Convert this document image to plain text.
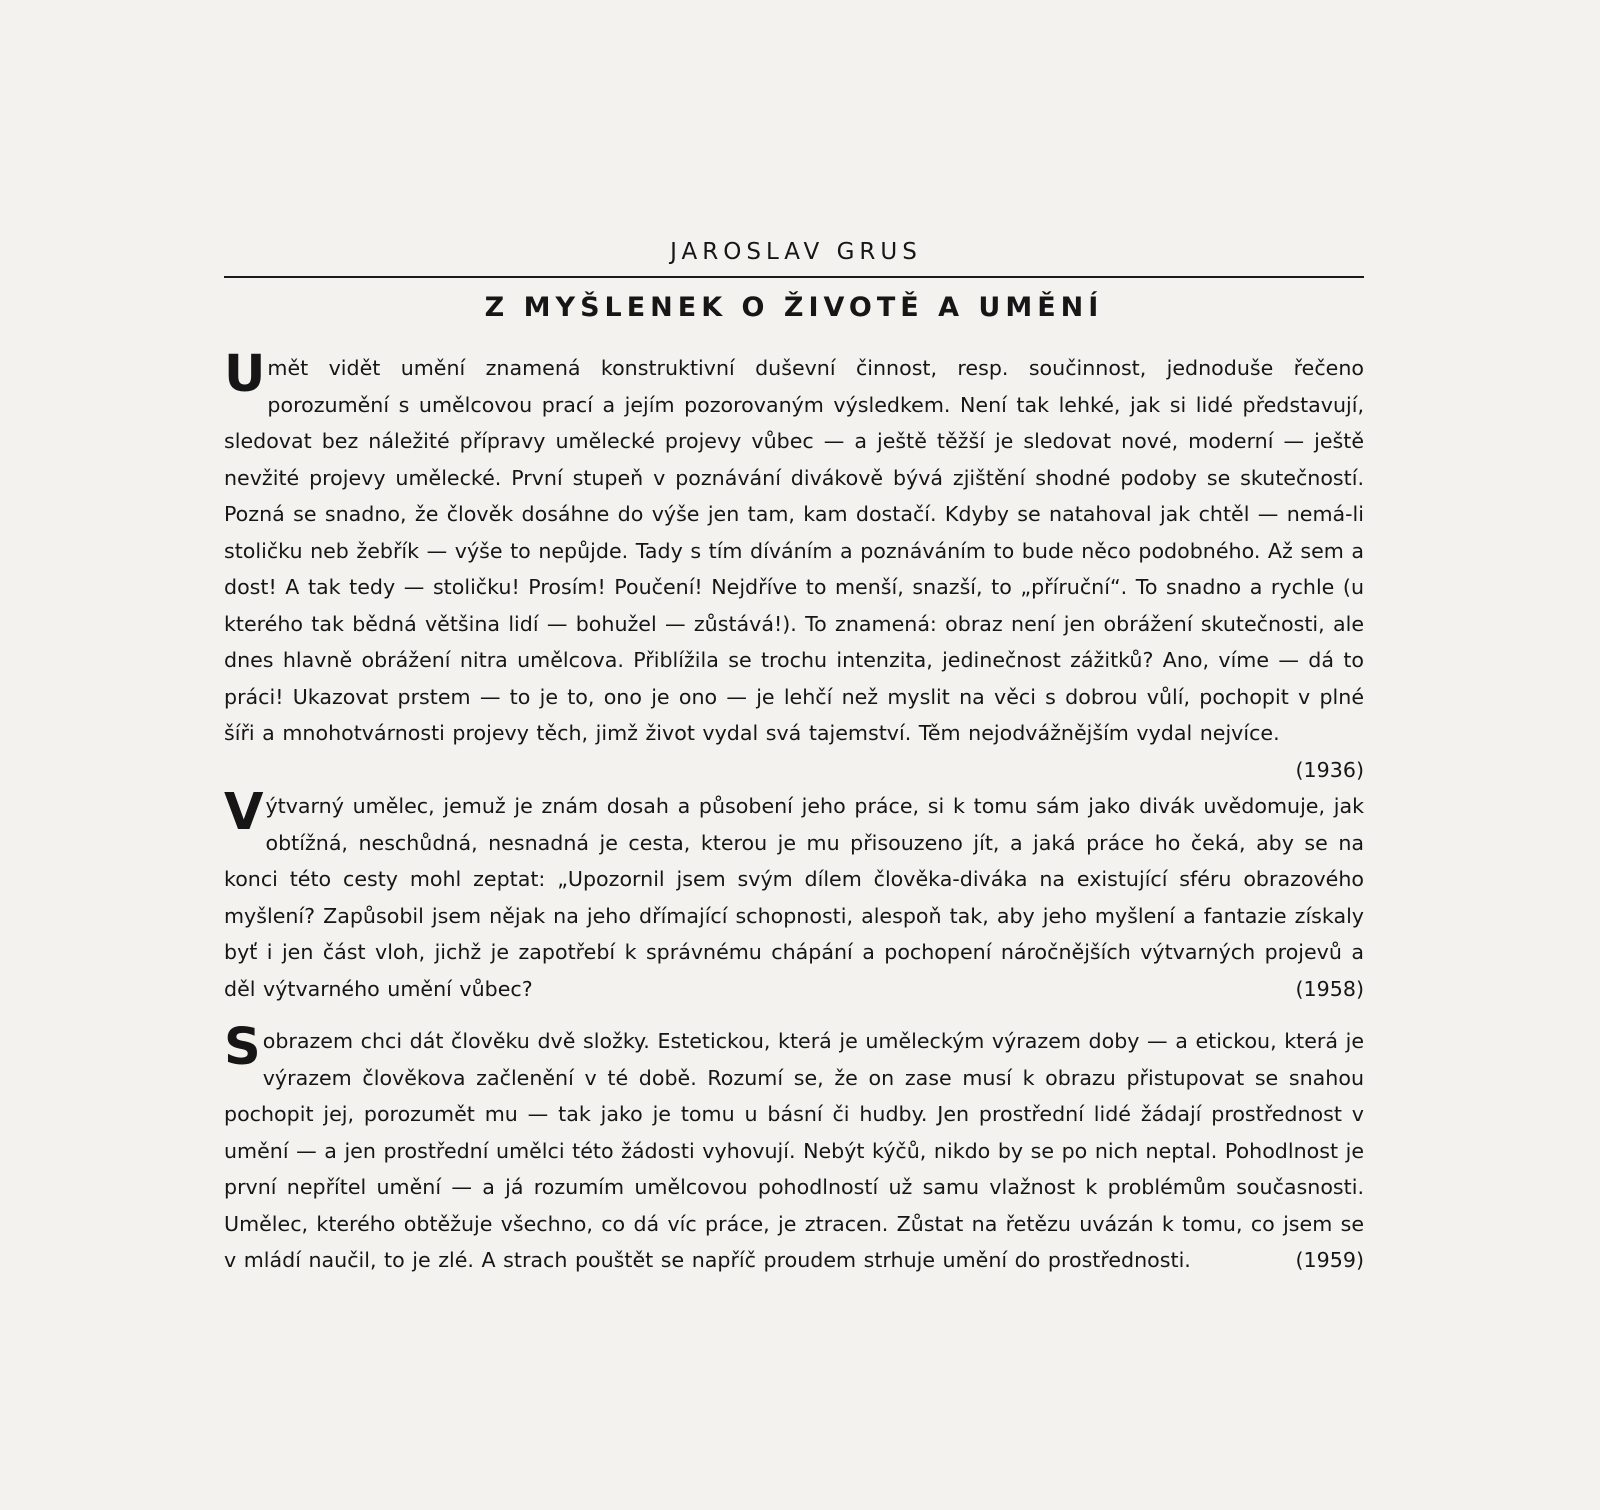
JAROSLAV GRUS
Z MYŠLENEK O ŽIVOTĚ A UMĚNÍ

Umět vidět umění znamená konstruktivní duševní činnost, resp. součinnost, jednoduše řečeno porozumění s umělcovou prací a jejím pozorovaným výsledkem. Není tak lehké, jak si lidé představují, sledovat bez náležité přípravy umělecké projevy vůbec — a ještě těžší je sledovat nové, moderní — ještě nevžité projevy umělecké. První stupeň v poznávání divákově bývá zjištění shodné podoby se skutečností. Pozná se snadno, že člověk dosáhne do výše jen tam, kam dostačí. Kdyby se natahoval jak chtěl — nemá-li stoličku neb žebřík — výše to nepůjde. Tady s tím díváním a poznáváním to bude něco podobného. Až sem a dost! A tak tedy — stoličku! Prosím! Poučení! Nejdříve to menší, snazší, to „příruční“. To snadno a rychle (u kterého tak bědná většina lidí — bohužel — zůstává!). To znamená: obraz není jen obrážení skutečnosti, ale dnes hlavně obrážení nitra umělcova. Přiblížila se trochu intenzita, jedinečnost zážitků? Ano, víme — dá to práci! Ukazovat prstem — to je to, ono je ono — je lehčí než myslit na věci s dobrou vůlí, pochopit v plné šíři a mnohotvárnosti projevy těch, jimž život vydal svá tajemství. Těm nejodvážnějším vydal nejvíce.

(1936)

Výtvarný umělec, jemuž je znám dosah a působení jeho práce, si k tomu sám jako divák uvědomuje, jak obtížná, neschůdná, nesnadná je cesta, kterou je mu přisouzeno jít, a jaká práce ho čeká, aby se na konci této cesty mohl zeptat: „Upozornil jsem svým dílem člověka-diváka na existující sféru obrazového myšlení? Zapůsobil jsem nějak na jeho dřímající schopnosti, alespoň tak, aby jeho myšlení a fantazie získaly byť i jen část vloh, jichž je zapotřebí k správnému chápání a pochopení náročnějších výtvarných projevů a děl výtvarného umění vůbec?	(1958)

S obrazem chci dát člověku dvě složky. Estetickou, která je uměleckým výrazem doby — a etickou, která je výrazem člověkova začlenění v té době. Rozumí se, že on zase musí k obrazu přistupovat se snahou pochopit jej, porozumět mu — tak jako je tomu u básní či hudby. Jen prostřední lidé žádají prostřednost v umění — a jen prostřední umělci této žádosti vyhovují. Nebýt kýčů, nikdo by se po nich neptal. Pohodlnost je první nepřítel umění — a já rozumím umělcovou pohodlností už samu vlažnost k problémům současnosti. Umělec, kterého obtěžuje všechno, co dá víc práce, je ztracen. Zůstat na řetězu uvázán k tomu, co jsem se v mládí naučil, to je zlé. A strach pouštět se napříč proudem strhuje umění do prostřednosti.	(1959)
